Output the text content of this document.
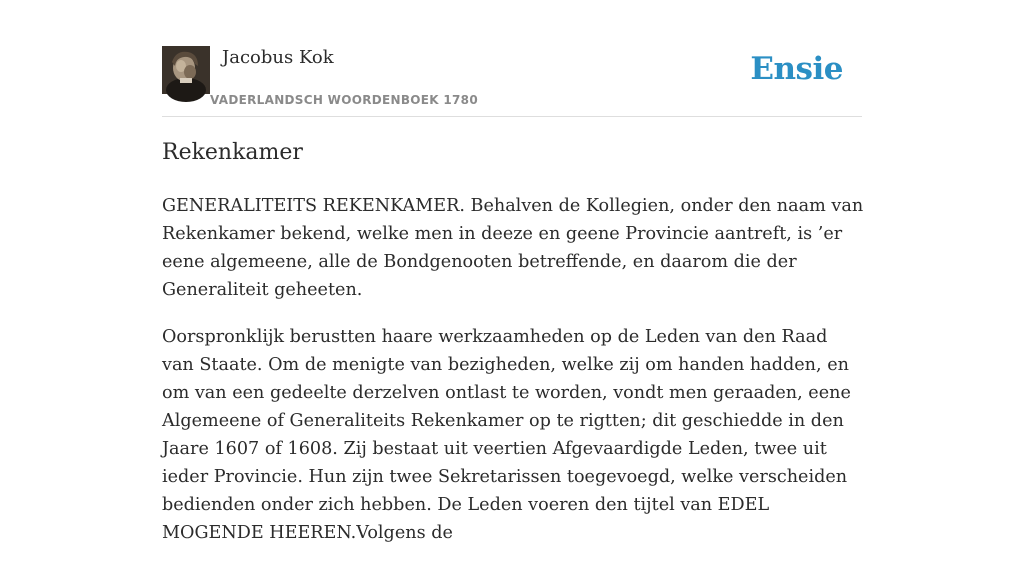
Jacobus Kok
VADERLANDSCH WOORDENBOEK 1780
Ensie
Rekenkamer

GENERALITEITS REKENKAMER. Behalven de Kollegien, onder den naam van Rekenkamer bekend, welke men in deeze en geene Provincie aantreft, is ’er eene algemeene, alle de Bondgenooten betreffende, en daarom die der Generaliteit geheeten.

Oorspronklijk berustten haare werkzaamheden op de Leden van den Raad van Staate. Om de menigte van bezigheden, welke zij om handen hadden, en om van een gedeelte derzelven ontlast te worden, vondt men geraaden, eene Algemeene of Generaliteits Rekenkamer op te rigtten; dit geschiedde in den Jaare 1607 of 1608. Zij bestaat uit veertien Afgevaardigde Leden, twee uit ieder Provincie. Hun zijn twee Sekretarissen toegevoegd, welke verscheiden bedienden onder zich hebben. De Leden voeren den tijtel van EDEL MOGENDE HEEREN.Volgens de
